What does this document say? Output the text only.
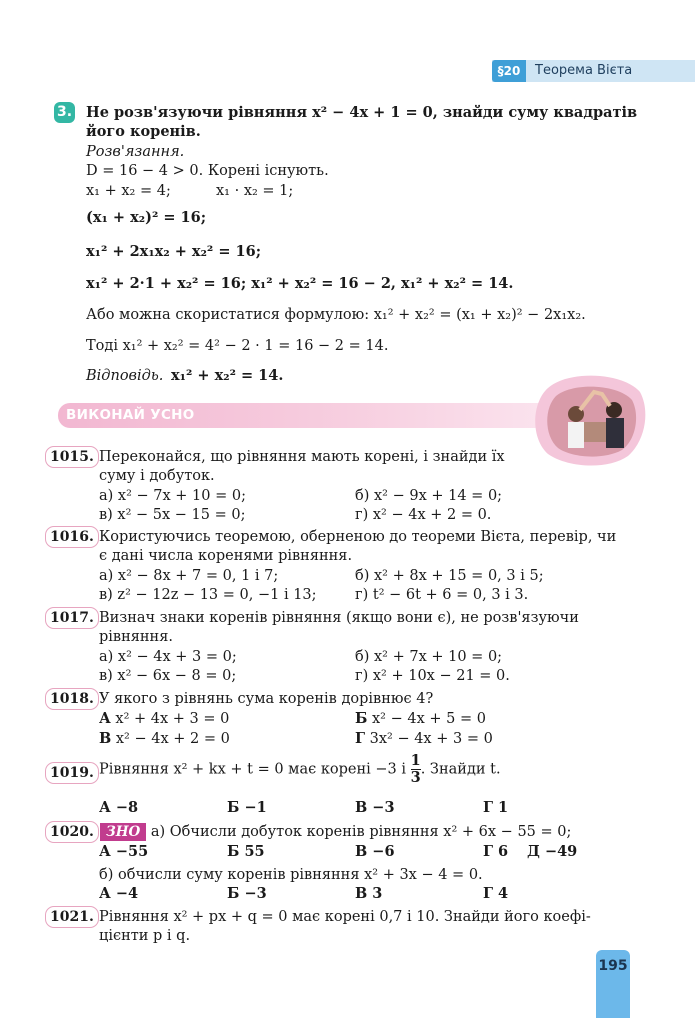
§20	Теорема Вієта
3. Не розв'язуючи рівняння x² − 4x + 1 = 0, знайди суму квадратів
його коренів.
Розв'язання.
D = 16 − 4 > 0. Корені існують.
x₁ + x₂ = 4;	x₁ · x₂ = 1;
(x₁ + x₂)² = 16;
x₁² + 2x₁x₂ + x₂² = 16;
x₁² + 2·1 + x₂² = 16; x₁² + x₂² = 16 − 2, x₁² + x₂² = 14.
Або можна скористатися формулою: x₁² + x₂² = (x₁ + x₂)² − 2x₁x₂.
Тоді x₁² + x₂² = 4² − 2 · 1 = 16 − 2 = 14.
Відповідь. x₁² + x₂² = 14.
ВИКОНАЙ УСНО
1015. Переконайся, що рівняння мають корені, і знайди їх
суму і добуток.
а) x² − 7x + 10 = 0;	б) x² − 9x + 14 = 0;
в) x² − 5x − 15 = 0;	г) x² − 4x + 2 = 0.
1016. Користуючись теоремою, оберненою до теореми Вієта, перевір, чи
є дані числа коренями рівняння.
а) x² − 8x + 7 = 0, 1 і 7;	б) x² + 8x + 15 = 0, 3 і 5;
в) z² − 12z − 13 = 0, −1 і 13;	г) t² − 6t + 6 = 0, 3 і 3.
1017. Визнач знаки коренів рівняння (якщо вони є), не розв'язуючи
рівняння.
а) x² − 4x + 3 = 0;	б) x² + 7x + 10 = 0;
в) x² − 6x − 8 = 0;	г) x² + 10x − 21 = 0.
1018. У якого з рівнянь сума коренів дорівнює 4?
А x² + 4x + 3 = 0	Б x² − 4x + 5 = 0
В x² − 4x + 2 = 0	Г 3x² − 4x + 3 = 0
1019. Рівняння x² + kx + t = 0 має корені −3 і $\frac{1}{3}$ . Знайди t.
А −8	Б −1	В −3	Г 1
1020. ЗНО а) Обчисли добуток коренів рівняння x² + 6x − 55 = 0;
А −55	Б 55	В −6	Г 6 Д −49
б) обчисли суму коренів рівняння x² + 3x − 4 = 0.
А −4	Б −3	В 3	Г 4
1021. Рівняння x² + px + q = 0 має корені 0,7 і 10. Знайди його коефі-
цієнти p і q.
195
